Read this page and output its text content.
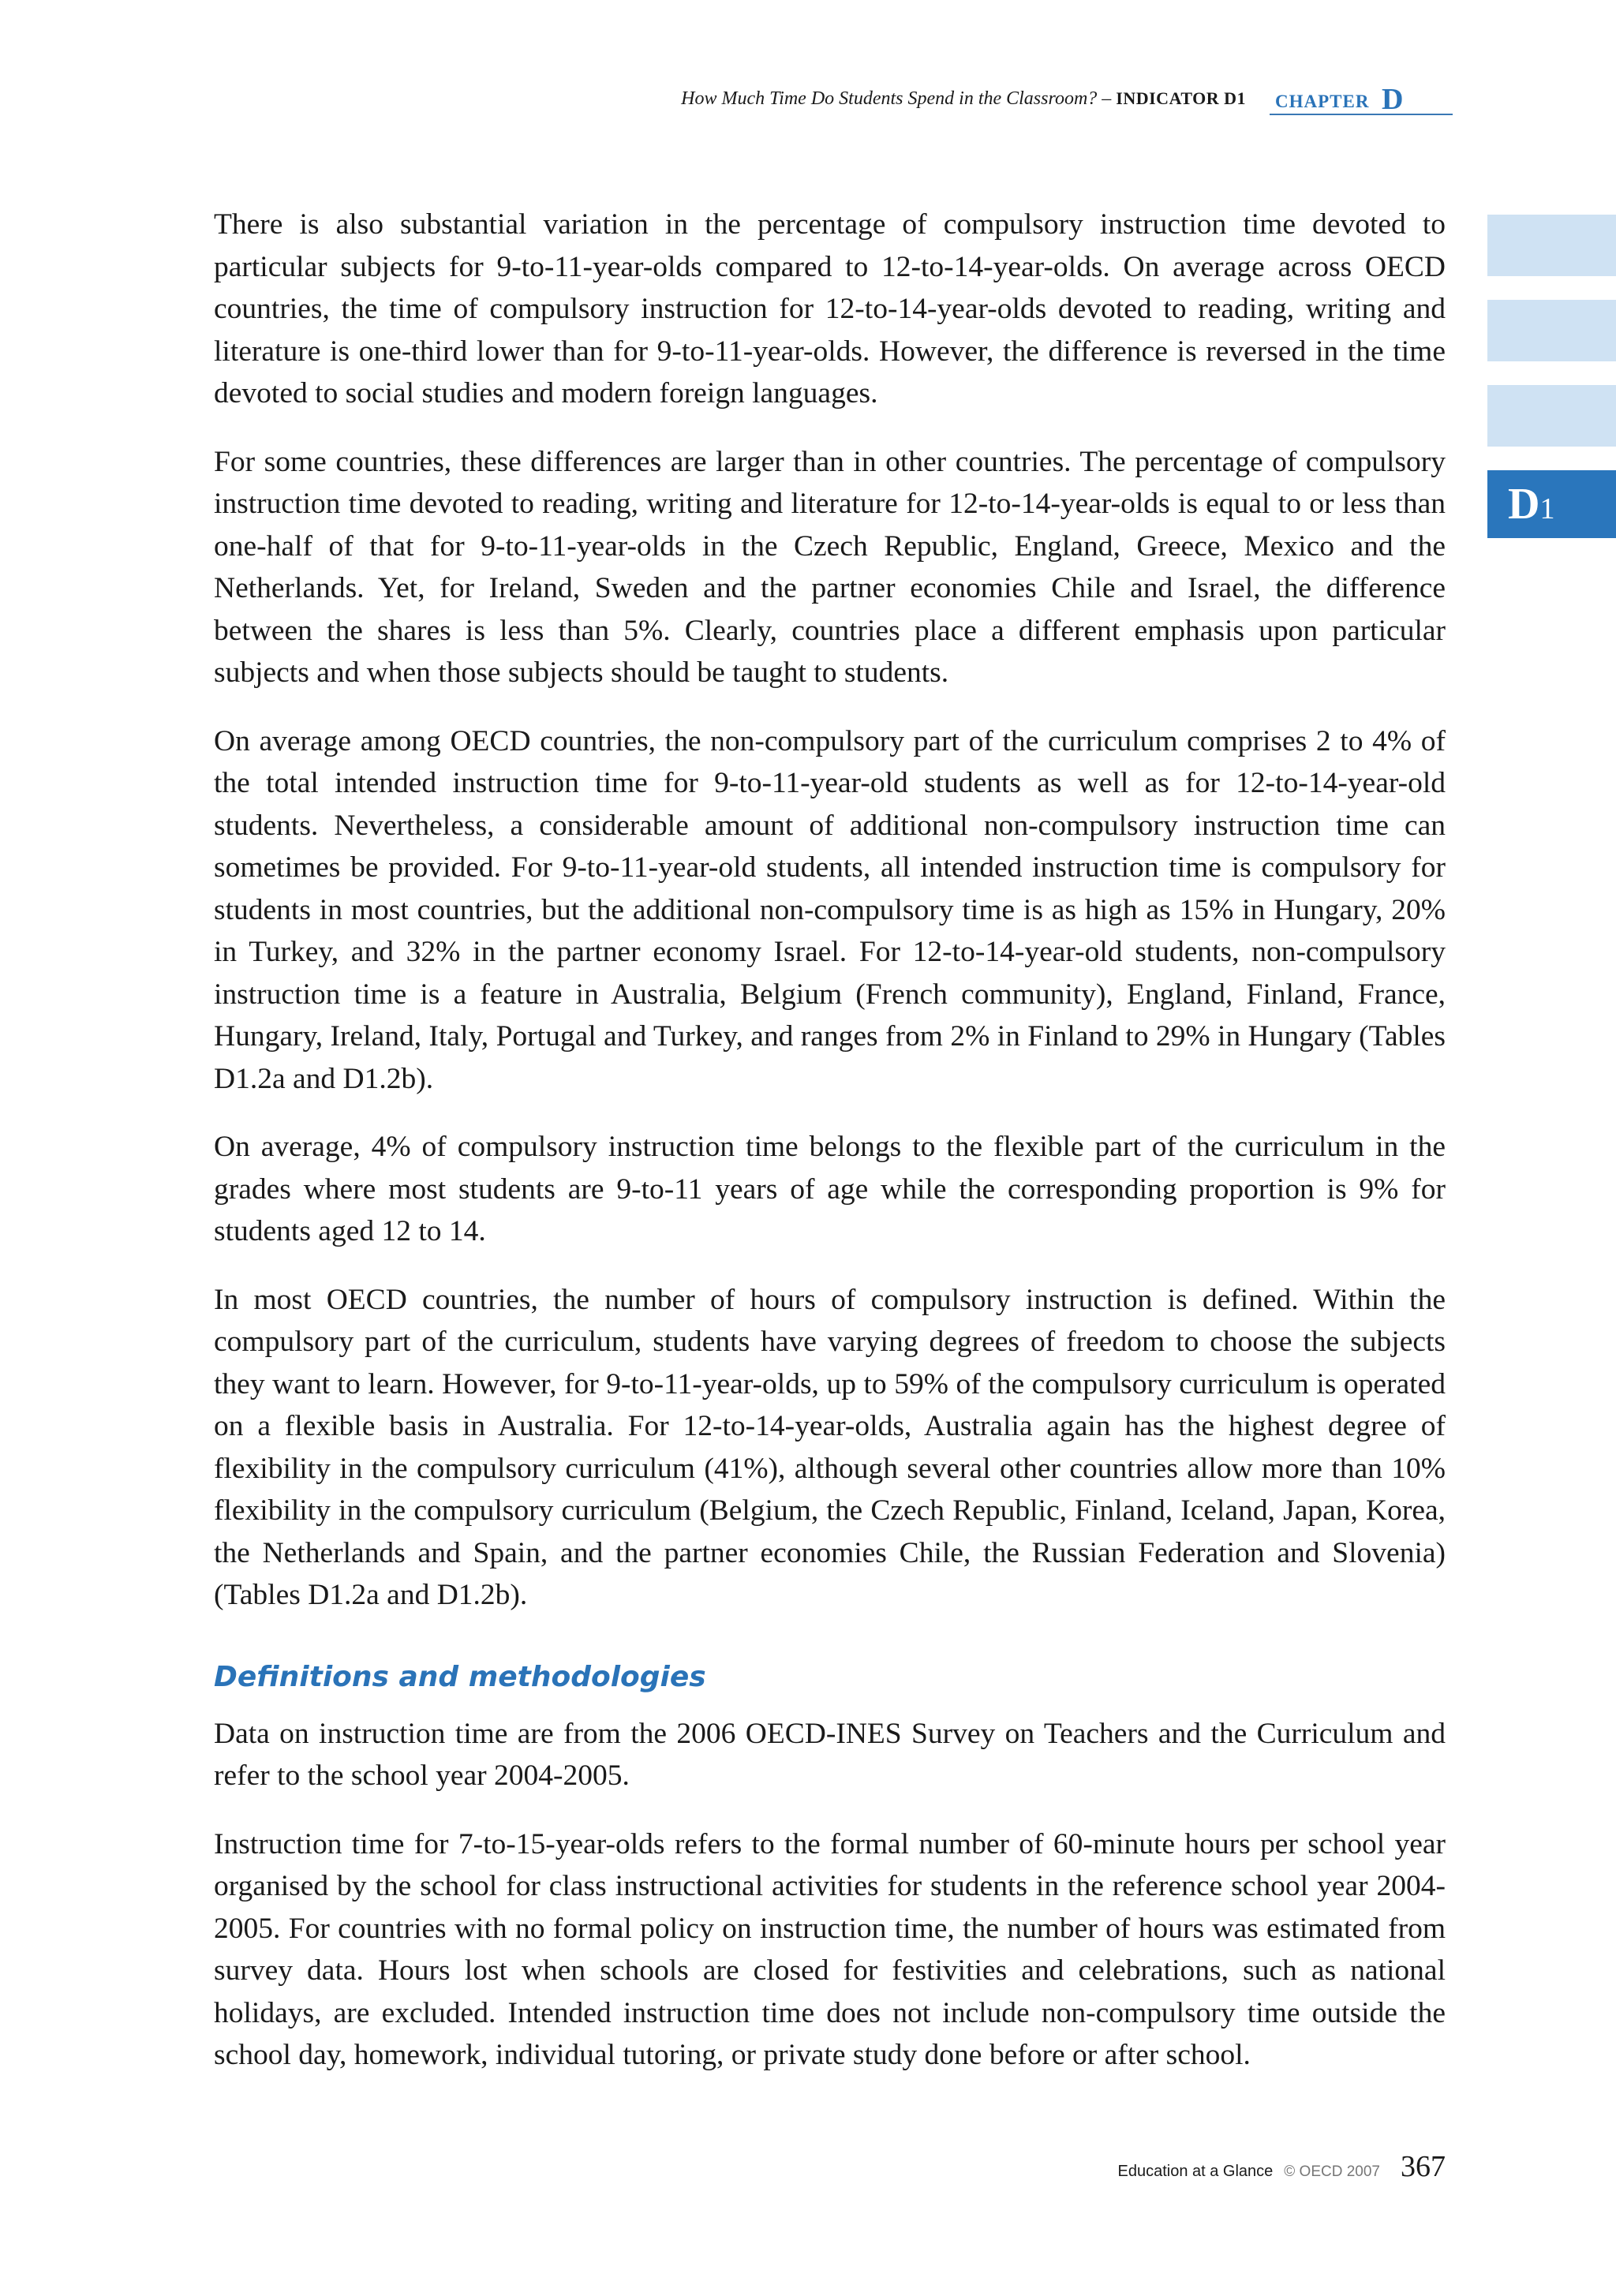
How Much Time Do Students Spend in the Classroom? – INDICATOR D1 CHAPTER D
D1

There is also substantial variation in the percentage of compulsory instruction time devoted to particular subjects for 9-to-11-year-olds compared to 12-to-14-year-olds. On average across OECD countries, the time of compulsory instruction for 12-to-14-year-olds devoted to reading, writing and literature is one-third lower than for 9-to-11-year-olds. However, the difference is reversed in the time devoted to social studies and modern foreign languages.

For some countries, these differences are larger than in other countries. The percentage of compulsory instruction time devoted to reading, writing and literature for 12-to-14-year-olds is equal to or less than one-half of that for 9-to-11-year-olds in the Czech Republic, England, Greece, Mexico and the Netherlands. Yet, for Ireland, Sweden and the partner economies Chile and Israel, the difference between the shares is less than 5%. Clearly, countries place a different emphasis upon particular subjects and when those subjects should be taught to students.

On average among OECD countries, the non-compulsory part of the curriculum comprises 2 to 4% of the total intended instruction time for 9-to-11-year-old students as well as for 12-to-14-year-old students. Nevertheless, a considerable amount of additional non-compulsory instruction time can sometimes be provided. For 9-to-11-year-old students, all intended instruction time is compulsory for students in most countries, but the additional non-compulsory time is as high as 15% in Hungary, 20% in Turkey, and 32% in the partner economy Israel. For 12-to-14-year-old students, non-compulsory instruction time is a feature in Australia, Belgium (French community), England, Finland, France, Hungary, Ireland, Italy, Portugal and Turkey, and ranges from 2% in Finland to 29% in Hungary (Tables D1.2a and D1.2b).

On average, 4% of compulsory instruction time belongs to the flexible part of the curriculum in the grades where most students are 9-to-11 years of age while the corresponding proportion is 9% for students aged 12 to 14.

In most OECD countries, the number of hours of compulsory instruction is defined. Within the compulsory part of the curriculum, students have varying degrees of freedom to choose the subjects they want to learn. However, for 9-to-11-year-olds, up to 59% of the compulsory curriculum is operated on a flexible basis in Australia. For 12-to-14-year-olds, Australia again has the highest degree of flexibility in the compulsory curriculum (41%), although several other countries allow more than 10% flexibility in the compulsory curriculum (Belgium, the Czech Republic, Finland, Iceland, Japan, Korea, the Netherlands and Spain, and the partner economies Chile, the Russian Federation and Slovenia) (Tables D1.2a and D1.2b).

Definitions and methodologies

Data on instruction time are from the 2006 OECD-INES Survey on Teachers and the Curriculum and refer to the school year 2004-2005.

Instruction time for 7-to-15-year-olds refers to the formal number of 60-minute hours per school year organised by the school for class instructional activities for students in the reference school year 2004-2005. For countries with no formal policy on instruction time, the number of hours was estimated from survey data. Hours lost when schools are closed for festivities and celebrations, such as national holidays, are excluded. Intended instruction time does not include non-compulsory time outside the school day, homework, individual tutoring, or private study done before or after school.

Education at a Glance © OECD 2007 367
